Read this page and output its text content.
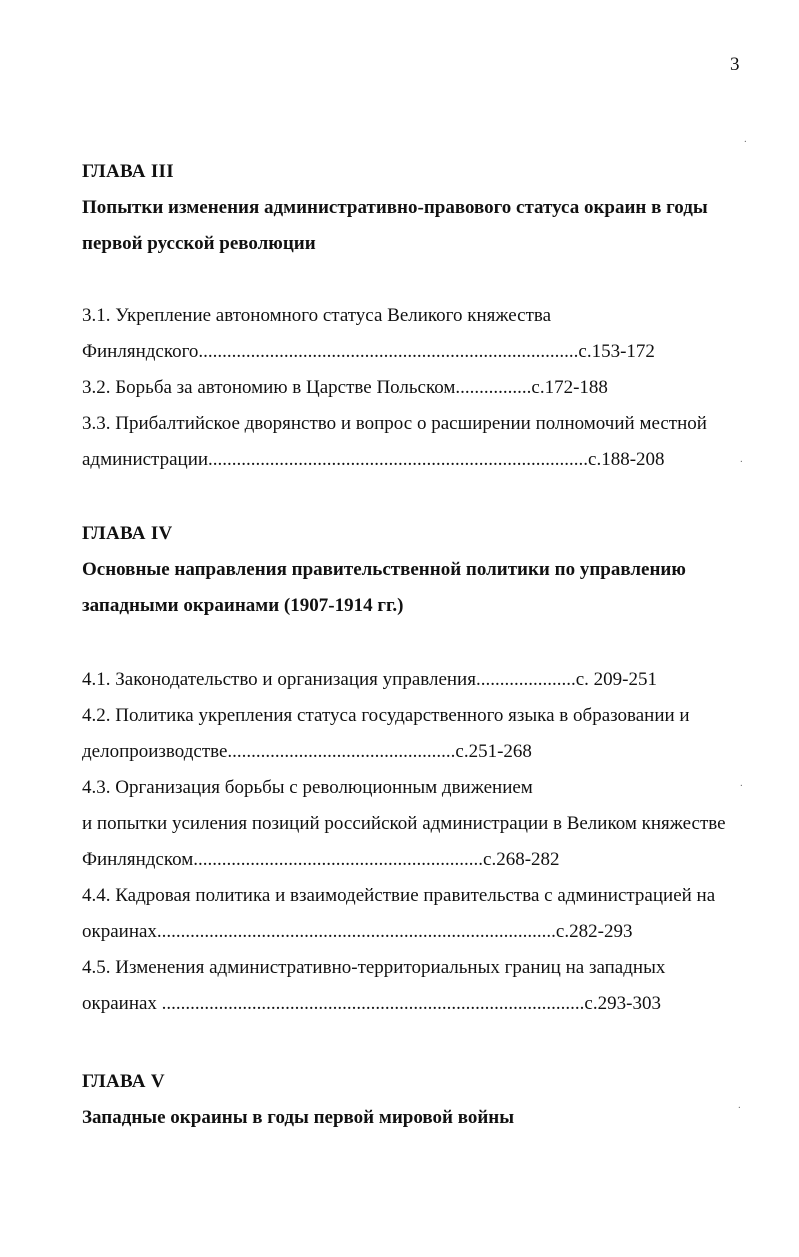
3

ГЛАВА III

Попытки изменения административно-правового статуса окраин в годы

первой русской революции

3.1. Укрепление автономного статуса Великого княжества

Финляндского................................................................................с.153-172

3.2. Борьба за автономию в Царстве Польском................с.172-188

3.3. Прибалтийское дворянство и вопрос о расширении полномочий местной

администрации................................................................................с.188-208

ГЛАВА IV

Основные направления правительственной политики по управлению

западными окраинами (1907-1914 гг.)

4.1. Законодательство и организация управления.....................с. 209-251

4.2. Политика укрепления статуса государственного языка в образовании и

делопроизводстве................................................с.251-268

4.3. Организация борьбы с революционным движением

и попытки усиления позиций российской администрации в Великом княжестве

Финляндском.............................................................с.268-282

4.4. Кадровая политика и взаимодействие правительства с администрацией на

окраинах....................................................................................с.282-293

4.5. Изменения административно-территориальных границ на западных

окраинах .........................................................................................с.293-303

ГЛАВА V

Западные окраины в годы первой мировой войны

∙
∙
∙
∙
